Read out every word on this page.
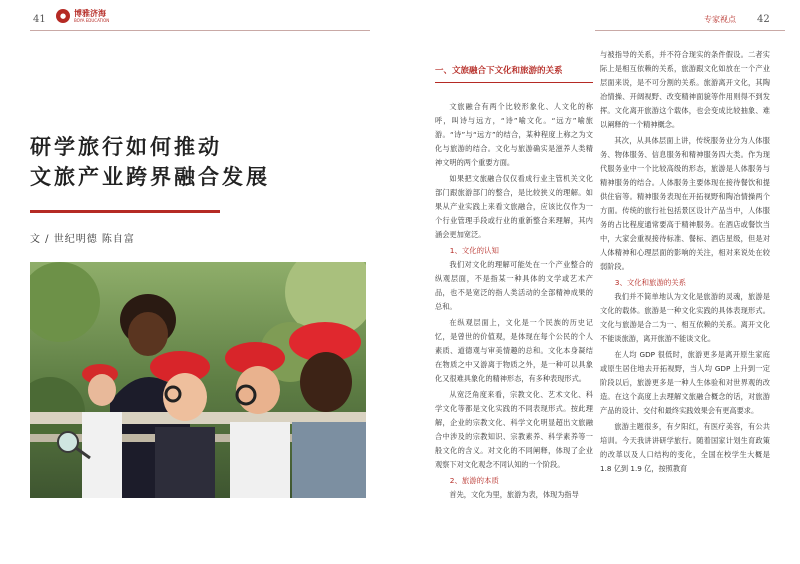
41	● 博雅济海
BOYA EDUCATION
研学旅行如何推动
文旅产业跨界融合发展
文 / 世纪明德 陈自富
专家视点 42
一、文旅融合下文化和旅游的关系

文旅融合有两个比较形象化、人文化的称呼，叫诗与远方，“诗”喻文化。“远方”喻旅游。“诗”与“远方”的结合，某种程度上称之为文化与旅游的结合。文化与旅游确实是滋养人类精神文明的两个重要方面。

如果把文旅融合仅仅看成行业主管机关文化部门跟旅游部门的整合，是比较狭义的理解。如果从产业实践上来看文旅融合，应该比仅作为一个行业管理手段或行业的重新整合来理解，其内涵会更加宽泛。

1、文化的认知

我们对文化的理解可能处在一个产业整合的纵观层面，不是指某一种具体的文学或艺术产品，也不是宽泛的指人类活动的全部精神成果的总和。

在纵观层面上，文化是一个民族的历史记忆，是曾世的价值观，是体现在每个公民的个人素质、道德观与审美情趣的总和。文化本身凝结在物质之中又游离于物质之外，是一种可以具象化又很难具象化的精神形态，有多种表现形式。

从宽泛角度来看，宗教文化、艺术文化、科学文化等都是文化实践的不同表现形式。按此理解，企业的宗教文化、科学文化明显超出文旅融合中涉及的宗教知识、宗教素养、科学素养等一般文化的含义。对文化的不同阐释，体现了企业观察下对文化观念不同认知的一个阶段。

2、旅游的本质

首先，文化为里，旅游为表，体现为指导

与被指导的关系，并不符合现实的条件假设。二者实际上是相互依赖的关系，旅游跟文化如放在一个产业层面来说，是不可分割的关系。旅游离开文化，其陶冶情操、开阔视野、改变精神面貌等作用则得不到发挥。文化离开旅游这个载体，也会变成比较抽象、难以阐释的一个精神概念。

其次，从具体层面上讲，传统服务业分为人体服务、物体服务、信息服务和精神服务四大类。作为现代服务业中一个比较高级的形态，旅游是人体服务与精神服务的结合。人体服务主要体现在接待餐饮和提供住宿等。精神服务表现在开拓视野和陶冶情操两个方面。传统的旅行社包括景区设计产品当中，人体服务的占比程度通常要高于精神服务。在酒店或餐饮当中，大家会重视接待标准、餐标、酒店星级，但是对人体精神和心理层面的影响的关注，相对来说处在较弱阶段。

3、文化和旅游的关系

我们并不简单地认为文化是旅游的灵魂，旅游是文化的载体。旅游是一种文化实践的具体表现形式。文化与旅游是合二为一、相互依赖的关系。离开文化不能谈旅游，离开旅游不能谈文化。

在人均 GDP 很低时，旅游更多是离开原生家庭或原生居住地去开拓视野，当人均 GDP 上升到一定阶段以后，旅游更多是一种人生体验和对世界观的改造。在这个高度上去理解文旅融合概念的话，对旅游产品的设计、交付和最终实践效果会有更高要求。

旅游主题很多，有夕阳红，有医疗美容，有公共培训。今天我讲讲研学旅行。随着国家计划生育政策的改革以及人口结构的变化，全国在校学生大概是 1.8 亿到 1.9 亿，按照教育
